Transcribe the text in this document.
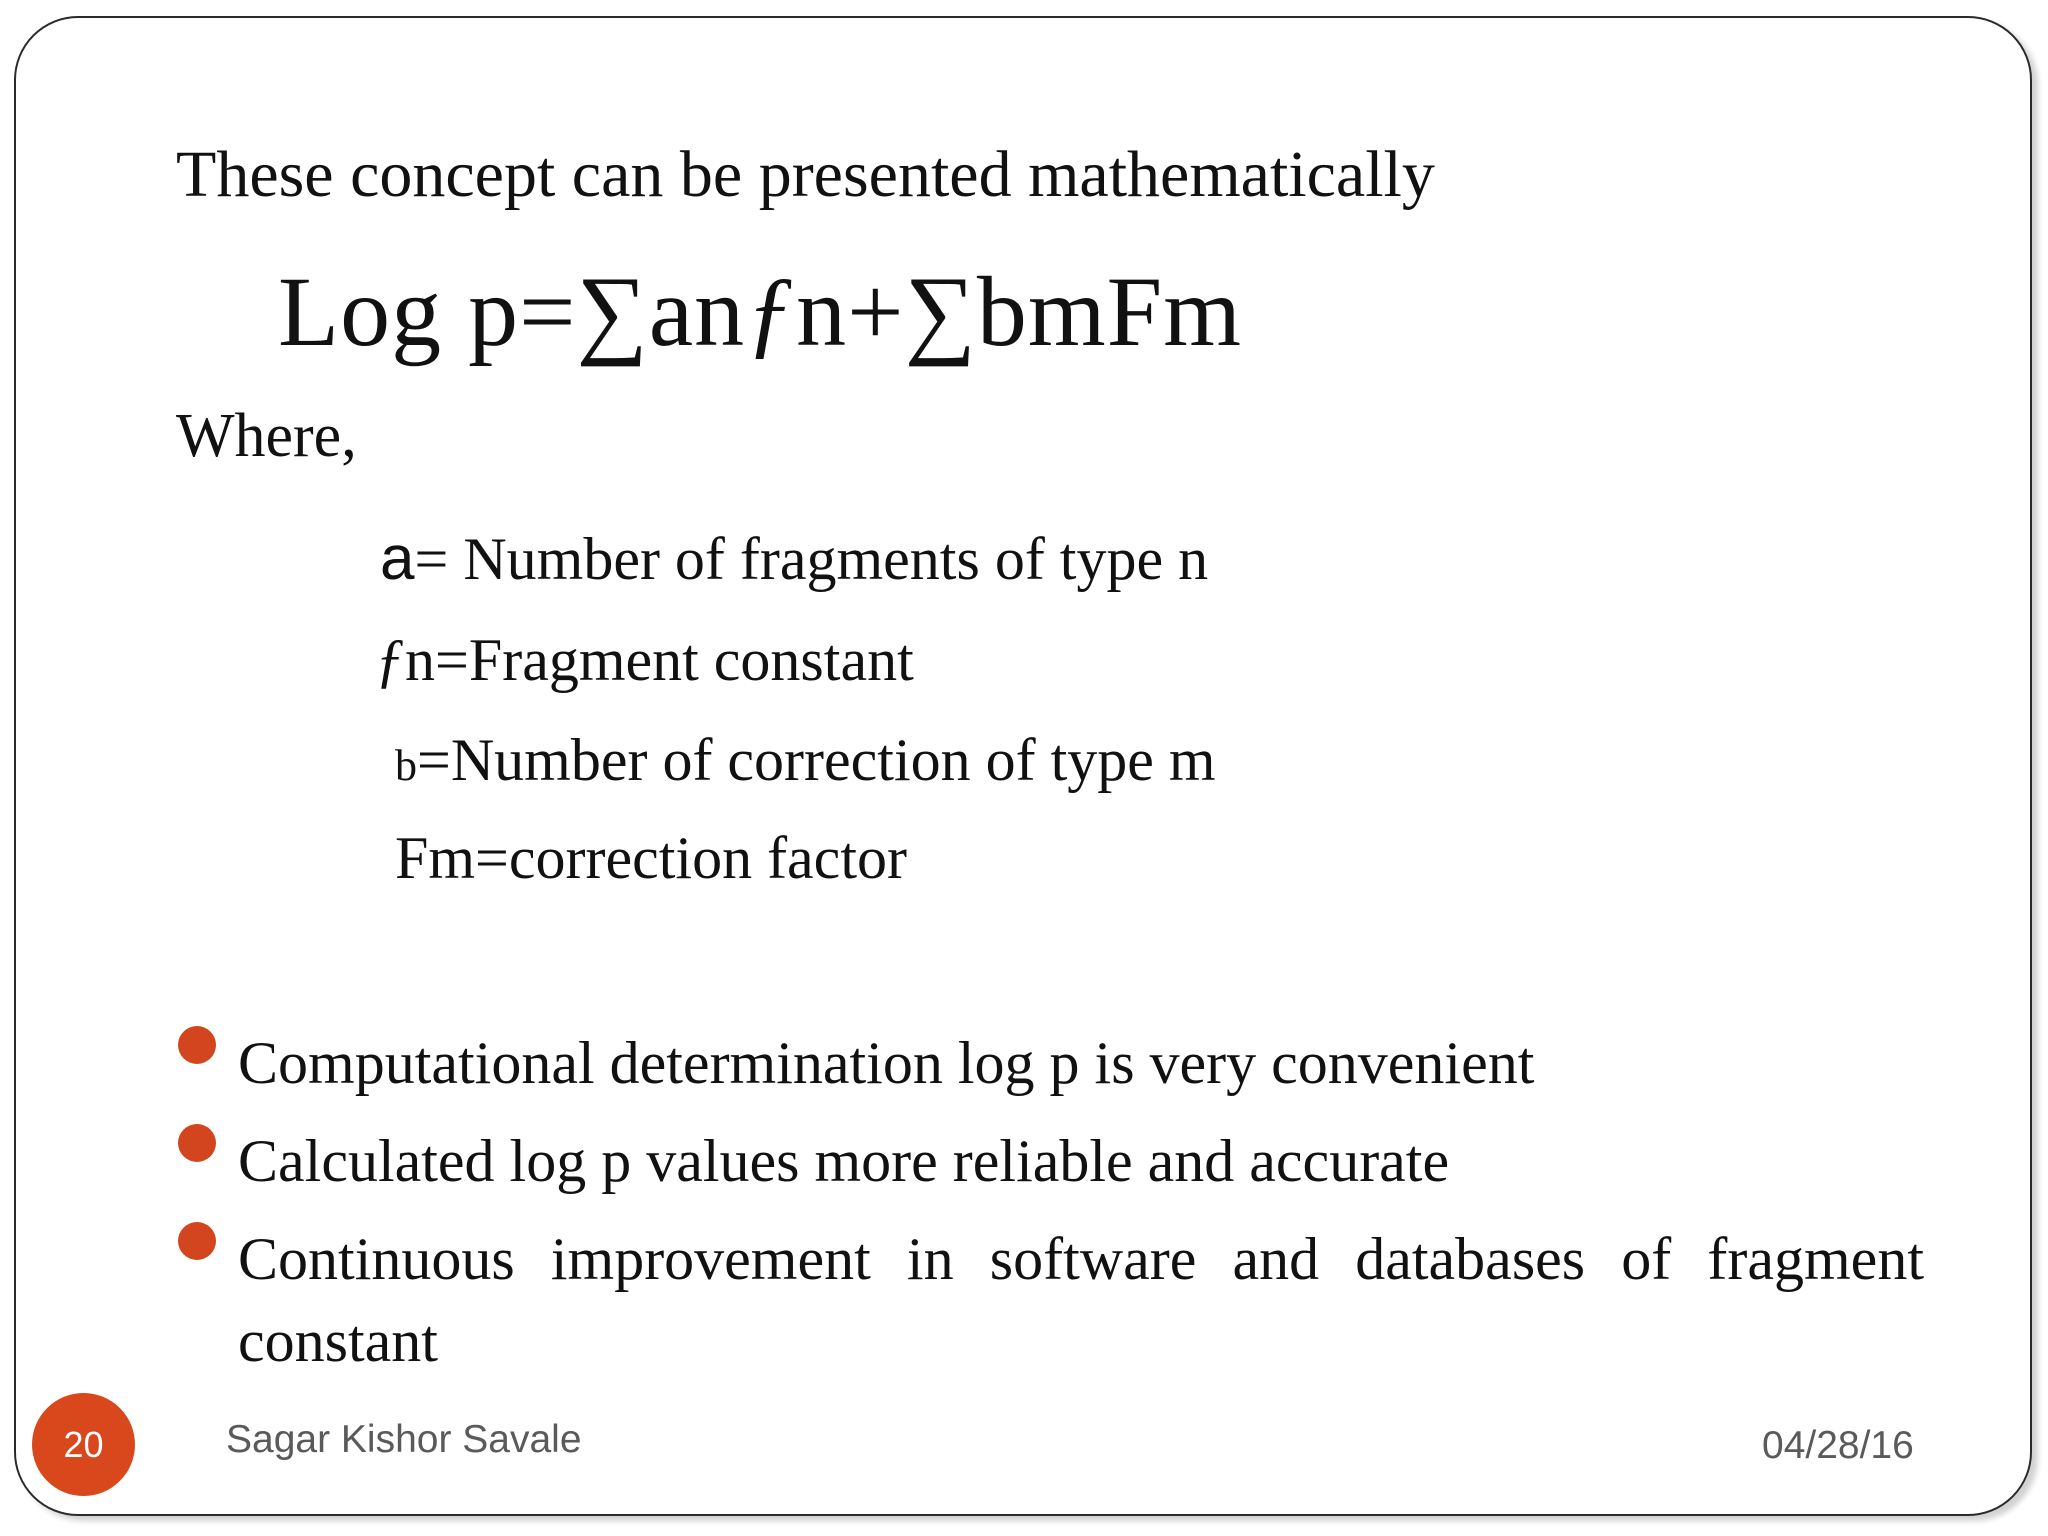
These concept can be presented mathematically
Log p=∑anƒn+∑bmFm
Where,
a= Number of fragments of type n
ƒn=Fragment constant
b=Number of correction of type m
Fm=correction factor
Computational determination log p is very convenient
Calculated log p values more reliable and accurate
Continuous improvement in software and databases of fragment constant
20	Sagar Kishor Savale	04/28/16
